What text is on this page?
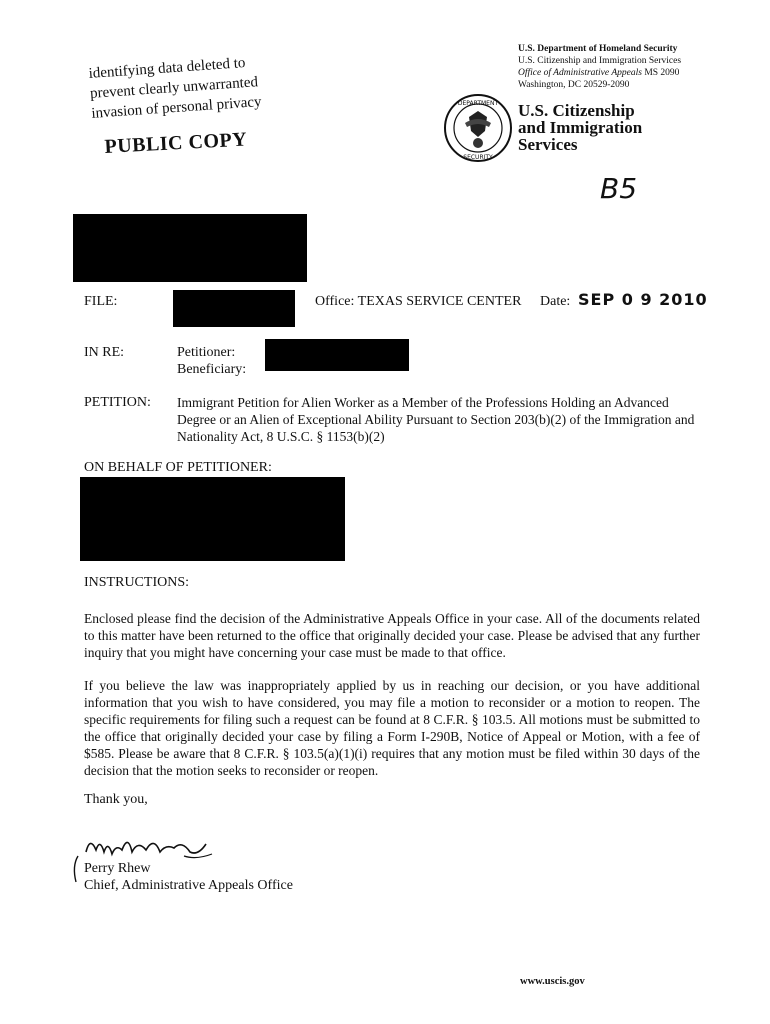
identifying data deleted to
prevent clearly unwarranted
invasion of personal privacy
PUBLIC COPY
DEPARTMENT
SECURITY
U.S. Department of Homeland Security
U.S. Citizenship and Immigration Services
Office of Administrative Appeals MS 2090
Washington, DC 20529-2090
U.S. Citizenship
and Immigration
Services
B5
FILE:	Office: TEXAS SERVICE CENTER Date: SEP 0 9 2010
IN RE:	Petitioner:
Beneficiary:
PETITION: Immigrant Petition for Alien Worker as a Member of the Professions Holding an Advanced Degree or an Alien of Exceptional Ability Pursuant to Section 203(b)(2) of the Immigration and Nationality Act, 8 U.S.C. § 1153(b)(2)
ON BEHALF OF PETITIONER:
INSTRUCTIONS:
Enclosed please find the decision of the Administrative Appeals Office in your case. All of the documents related to this matter have been returned to the office that originally decided your case. Please be advised that any further inquiry that you might have concerning your case must be made to that office.
If you believe the law was inappropriately applied by us in reaching our decision, or you have additional information that you wish to have considered, you may file a motion to reconsider or a motion to reopen. The specific requirements for filing such a request can be found at 8 C.F.R. § 103.5. All motions must be submitted to the office that originally decided your case by filing a Form I-290B, Notice of Appeal or Motion, with a fee of $585. Please be aware that 8 C.F.R. § 103.5(a)(1)(i) requires that any motion must be filed within 30 days of the decision that the motion seeks to reconsider or reopen.
Thank you,
Perry Rhew
Chief, Administrative Appeals Office
www.uscis.gov
